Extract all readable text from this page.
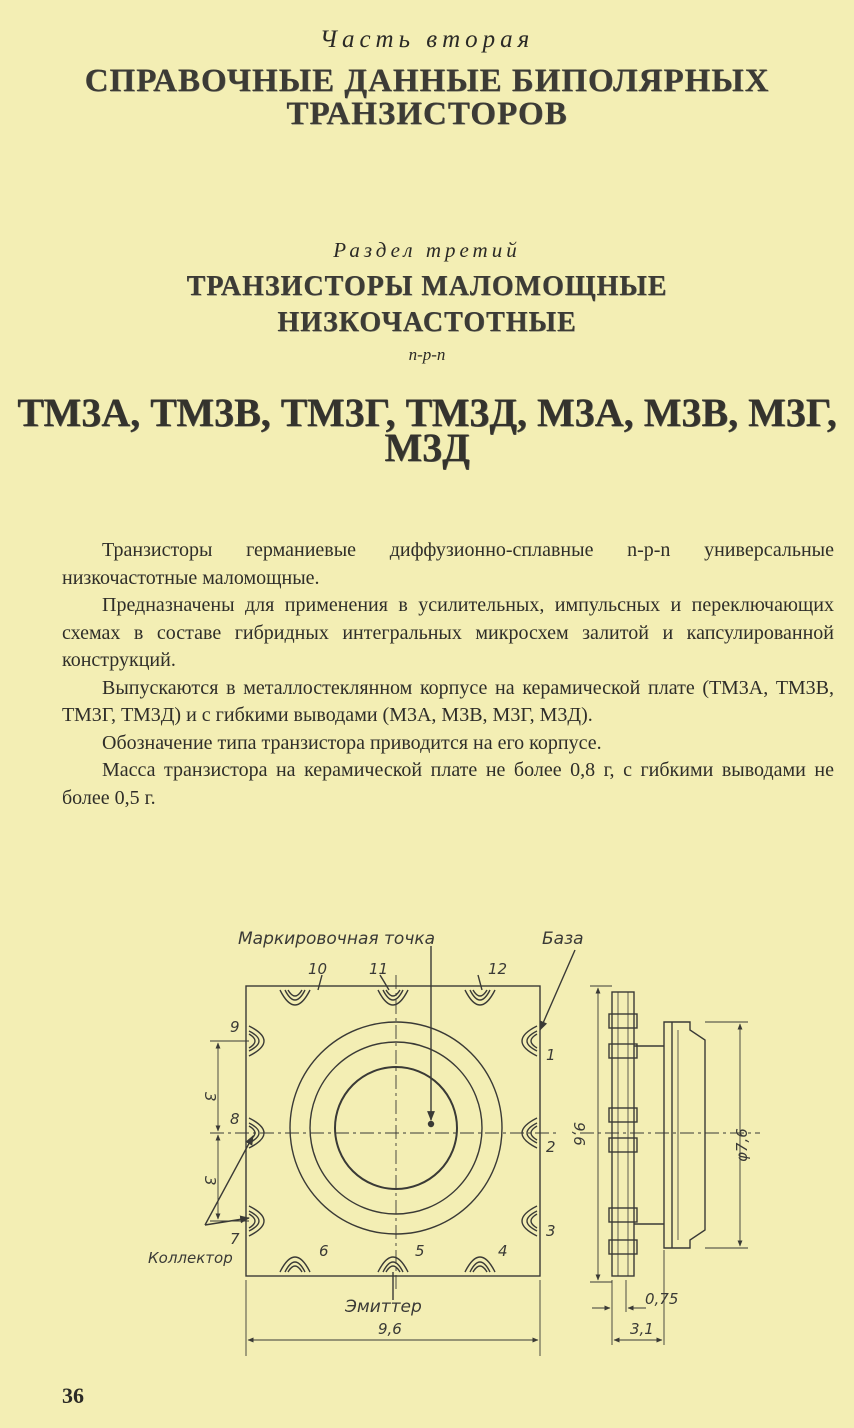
Часть вторая
СПРАВОЧНЫЕ ДАННЫЕ БИПОЛЯРНЫХ
ТРАНЗИСТОРОВ
Раздел третий
ТРАНЗИСТОРЫ МАЛОМОЩНЫЕ
НИЗКОЧАСТОТНЫЕ
n-p-n
ТМ3А, ТМ3В, ТМ3Г, ТМ3Д, М3А, М3В, М3Г,
М3Д

Транзисторы германиевые диффузионно-сплавные n-p-n универсальные низкочастотные маломощные.

Предназначены для применения в усилительных, импульсных и переключающих схемах в составе гибридных интегральных микросхем залитой и капсулированной конструкций.

Выпускаются в металлостеклянном корпусе на керамической плате (ТМ3А, ТМ3В, ТМ3Г, ТМ3Д) и с гибкими выводами (М3А, М3В, М3Г, М3Д).

Обозначение типа транзистора приводится на его корпусе.

Масса транзистора на керамической плате не более 0,8 г, с гибкими выводами не более 0,5 г.

Маркировочная точка	База
Коллектор
Эмиттер
10	11	12
9
8
7
1
2
3
4
5
6
9,6
0,75
3,1
3
3
9,6	φ7,6
36
